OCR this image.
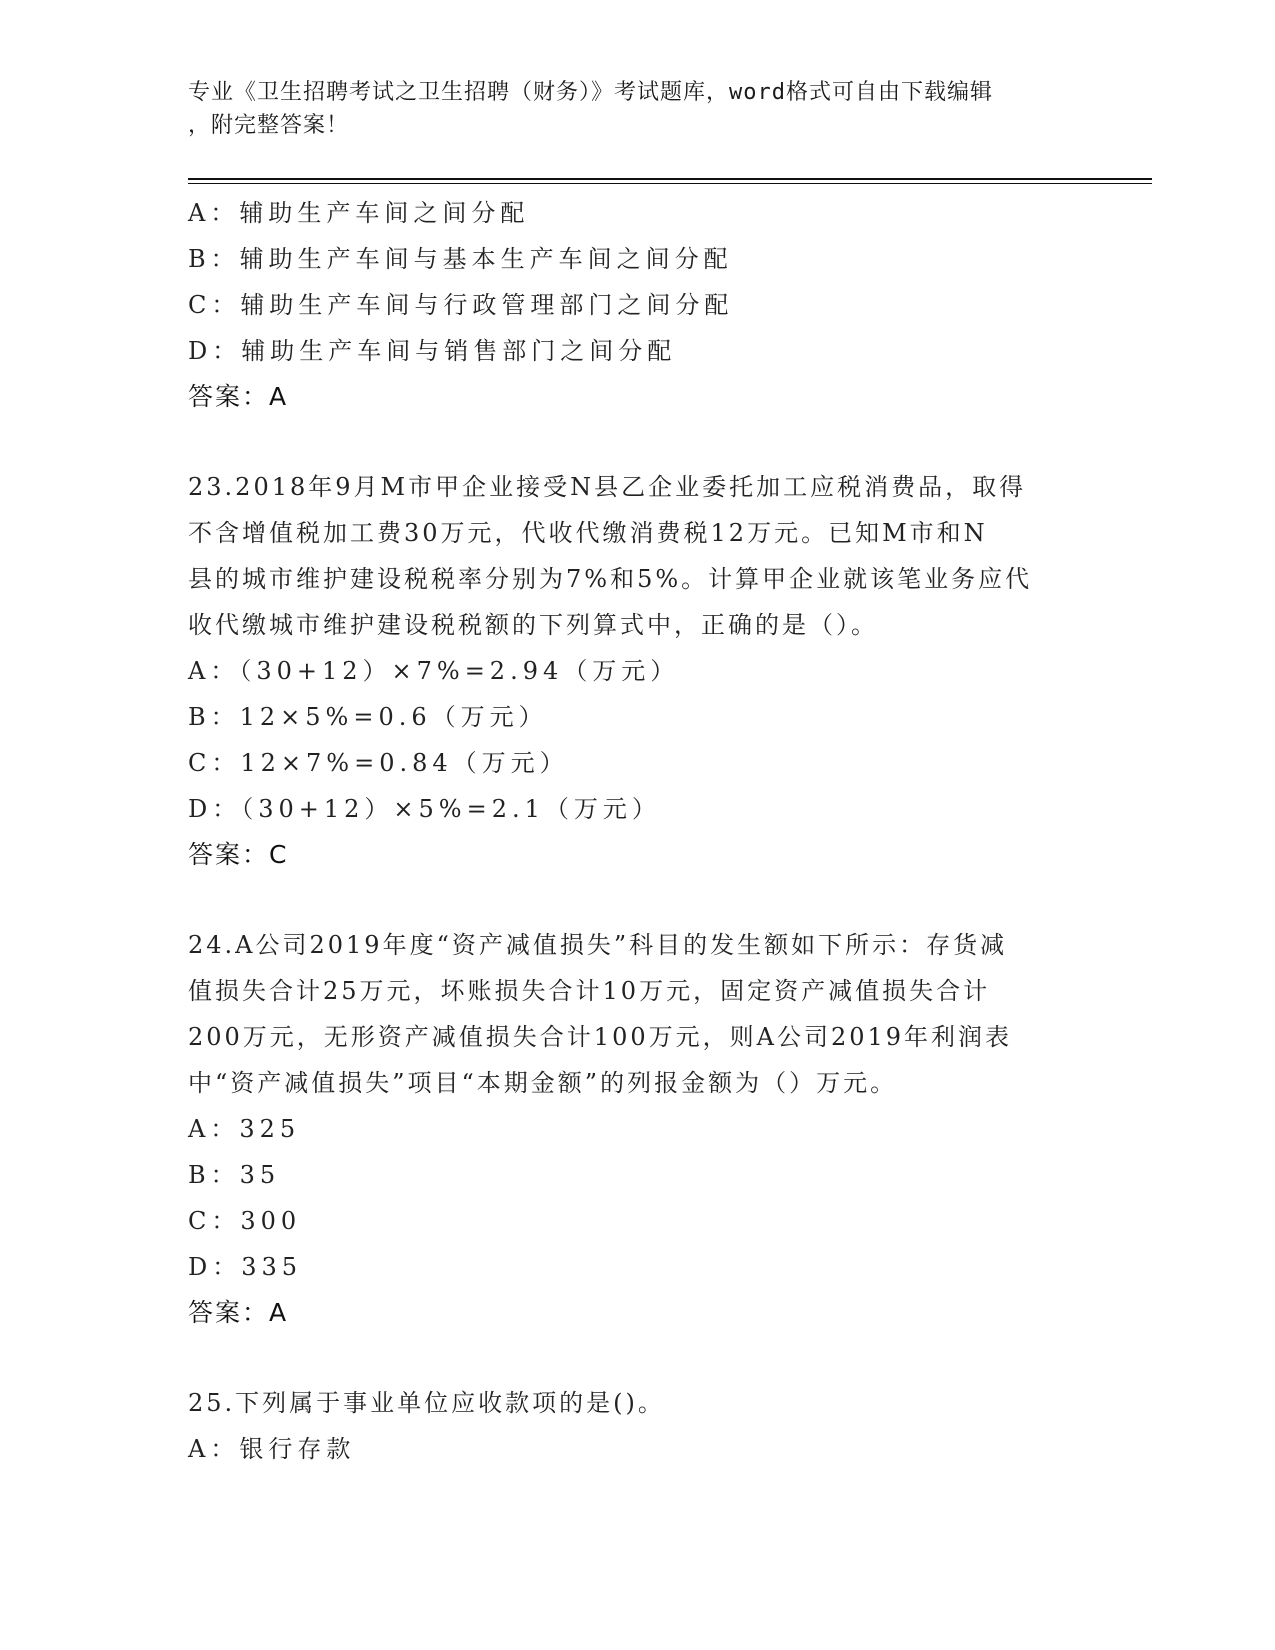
专业《卫生招聘考试之卫生招聘（财务）》考试题库，word格式可自由下载编辑
，附完整答案！
A：辅助生产车间之间分配
B：辅助生产车间与基本生产车间之间分配
C：辅助生产车间与行政管理部门之间分配
D：辅助生产车间与销售部门之间分配
答案：A
23.2018年9月M市甲企业接受N县乙企业委托加工应税消费品，取得
不含增值税加工费30万元，代收代缴消费税12万元。已知M市和N
县的城市维护建设税税率分别为7%和5%。计算甲企业就该笔业务应代
收代缴城市维护建设税税额的下列算式中，正确的是（）。
A：（30+12）×7%=2.94（万元）
B：12×5%=0.6（万元）
C：12×7%=0.84（万元）
D：（30+12）×5%=2.1（万元）
答案：C
24.A公司2019年度“资产减值损失”科目的发生额如下所示：存货减
值损失合计25万元，坏账损失合计10万元，固定资产减值损失合计
200万元，无形资产减值损失合计100万元，则A公司2019年利润表
中“资产减值损失”项目“本期金额”的列报金额为（）万元。
A：325
B：35
C：300
D：335
答案：A
25.下列属于事业单位应收款项的是()。
A：银行存款
